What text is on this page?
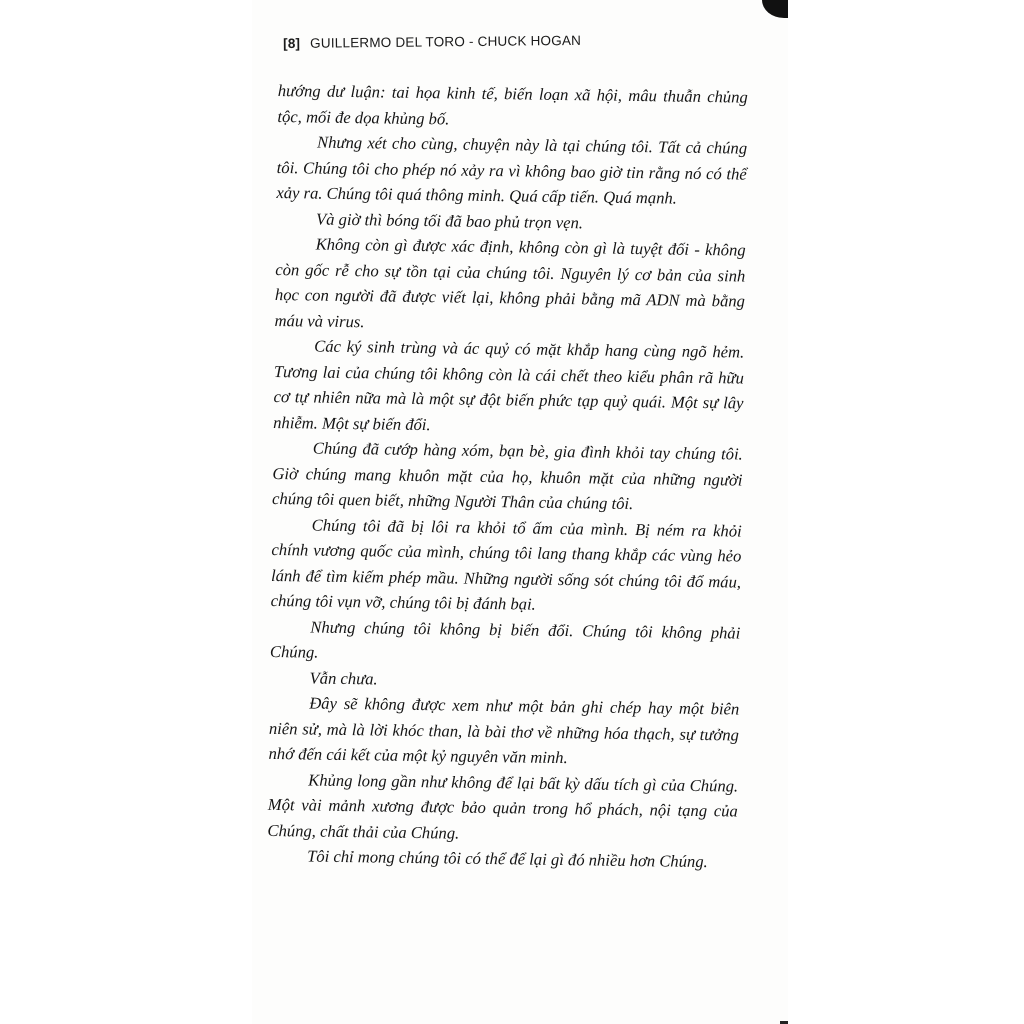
[8] GUILLERMO DEL TORO - CHUCK HOGAN

hướng dư luận: tai họa kinh tế, biến loạn xã hội, mâu thuẫn chủng tộc, mối đe dọa khủng bố.

Nhưng xét cho cùng, chuyện này là tại chúng tôi. Tất cả chúng tôi. Chúng tôi cho phép nó xảy ra vì không bao giờ tin rằng nó có thể xảy ra. Chúng tôi quá thông minh. Quá cấp tiến. Quá mạnh.

Và giờ thì bóng tối đã bao phủ trọn vẹn.

Không còn gì được xác định, không còn gì là tuyệt đối - không còn gốc rễ cho sự tồn tại của chúng tôi. Nguyên lý cơ bản của sinh học con người đã được viết lại, không phải bằng mã ADN mà bằng máu và virus.

Các ký sinh trùng và ác quỷ có mặt khắp hang cùng ngõ hẻm. Tương lai của chúng tôi không còn là cái chết theo kiểu phân rã hữu cơ tự nhiên nữa mà là một sự đột biến phức tạp quỷ quái. Một sự lây nhiễm. Một sự biến đổi.

Chúng đã cướp hàng xóm, bạn bè, gia đình khỏi tay chúng tôi. Giờ chúng mang khuôn mặt của họ, khuôn mặt của những người chúng tôi quen biết, những Người Thân của chúng tôi.

Chúng tôi đã bị lôi ra khỏi tổ ấm của mình. Bị ném ra khỏi chính vương quốc của mình, chúng tôi lang thang khắp các vùng hẻo lánh để tìm kiếm phép mầu. Những người sống sót chúng tôi đổ máu, chúng tôi vụn vỡ, chúng tôi bị đánh bại.

Nhưng chúng tôi không bị biến đổi. Chúng tôi không phải Chúng.

Vẫn chưa.

Đây sẽ không được xem như một bản ghi chép hay một biên niên sử, mà là lời khóc than, là bài thơ về những hóa thạch, sự tưởng nhớ đến cái kết của một kỷ nguyên văn minh.

Khủng long gần như không để lại bất kỳ dấu tích gì của Chúng. Một vài mảnh xương được bảo quản trong hổ phách, nội tạng của Chúng, chất thải của Chúng.

Tôi chỉ mong chúng tôi có thể để lại gì đó nhiều hơn Chúng.
